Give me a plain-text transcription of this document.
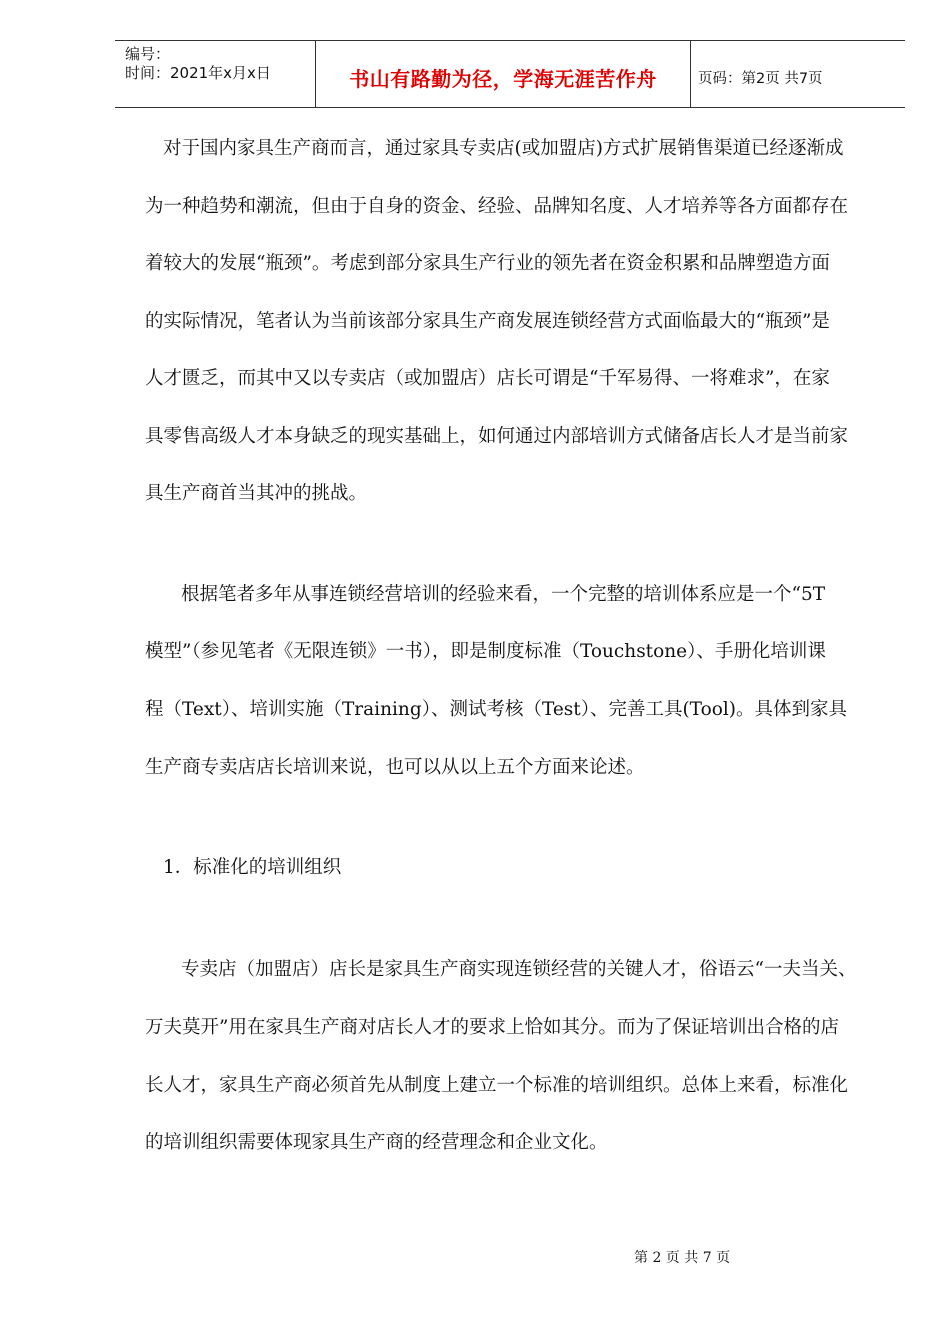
编号：
时间：2021年x月x日	书山有路勤为径，学海无涯苦作舟	页码：第2页 共7页
对于国内家具生产商而言，通过家具专卖店(或加盟店)方式扩展销售渠道已经逐渐成
为一种趋势和潮流，但由于自身的资金、经验、品牌知名度、人才培养等各方面都存在
着较大的发展“瓶颈”。考虑到部分家具生产行业的领先者在资金积累和品牌塑造方面
的实际情况，笔者认为当前该部分家具生产商发展连锁经营方式面临最大的“瓶颈”是
人才匮乏，而其中又以专卖店（或加盟店）店长可谓是“千军易得、一将难求”，在家
具零售高级人才本身缺乏的现实基础上，如何通过内部培训方式储备店长人才是当前家
具生产商首当其冲的挑战。
根据笔者多年从事连锁经营培训的经验来看，一个完整的培训体系应是一个“5T
模型”（参见笔者《无限连锁》一书），即是制度标准（Touchstone）、手册化培训课
程（Text）、培训实施（Training）、测试考核（Test）、完善工具(Tool)。具体到家具
生产商专卖店店长培训来说，也可以从以上五个方面来论述。
1．标准化的培训组织
专卖店（加盟店）店长是家具生产商实现连锁经营的关键人才，俗语云“一夫当关、
万夫莫开”用在家具生产商对店长人才的要求上恰如其分。而为了保证培训出合格的店
长人才，家具生产商必须首先从制度上建立一个标准的培训组织。总体上来看，标准化
的培训组织需要体现家具生产商的经营理念和企业文化。
第 2 页 共 7 页
